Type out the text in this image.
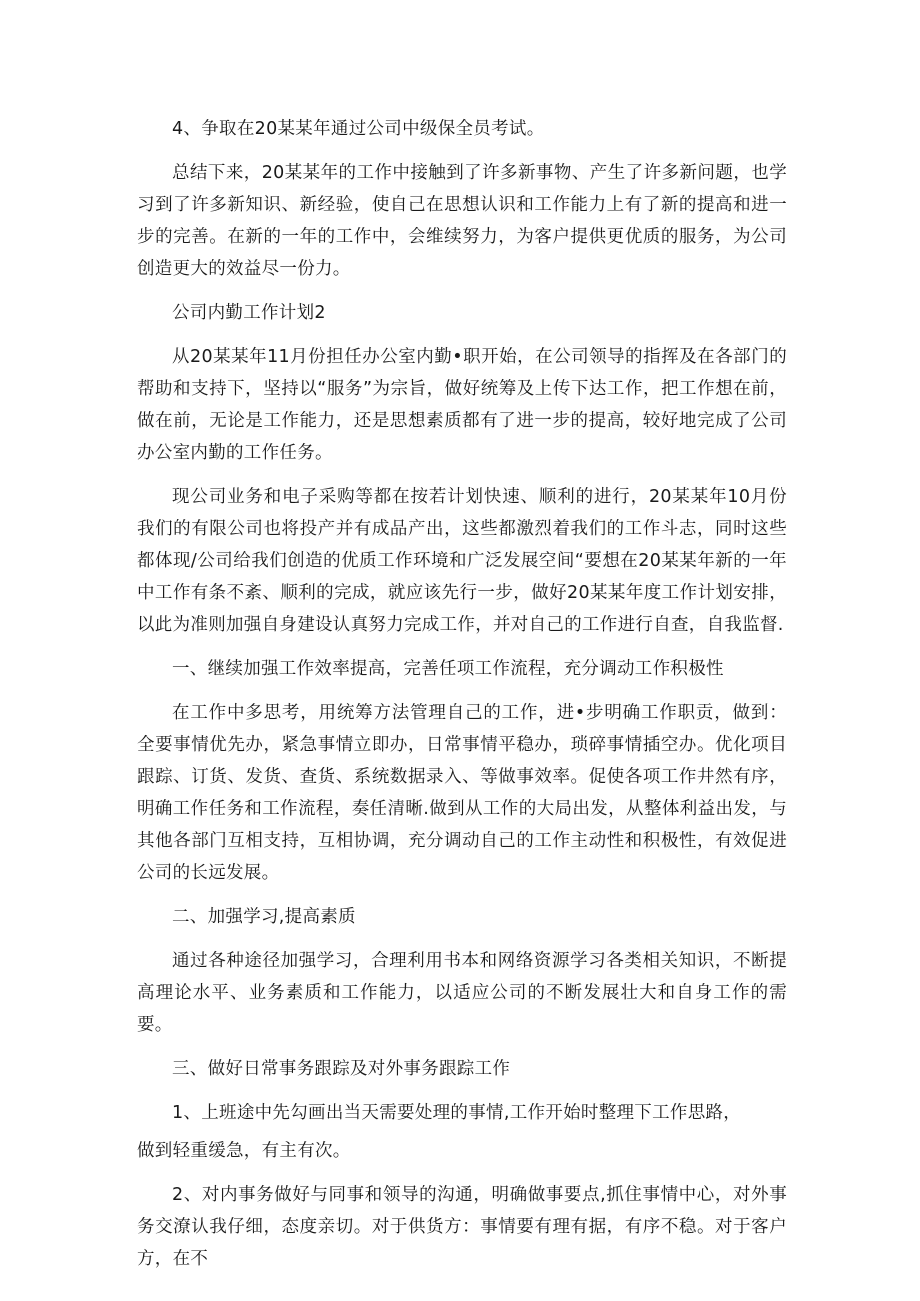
4、争取在20某某年通过公司中级保全员考试。

总结下来，20某某年的工作中接触到了许多新事物、产生了许多新问题，也学习到了许多新知识、新经验，使自己在思想认识和工作能力上有了新的提高和进一步的完善。在新的一年的工作中，会维续努力，为客户提供更优质的服务，为公司创造更大的效益尽一份力。

公司内勤工作计划2

从20某某年11月份担任办公室内勤•职开始，在公司领导的指挥及在各部门的帮助和支持下，坚持以“服务”为宗旨，做好统筹及上传下达工作，把工作想在前，做在前，无论是工作能力，还是思想素质都有了进一步的提高，较好地完成了公司办公室内勤的工作任务。

现公司业务和电子采购等都在按若计划快速、顺利的进行，20某某年10月份我们的有限公司也将投产并有成品产出，这些都激烈着我们的工作斗志，同时这些都体现/公司给我们创造的优质工作环境和广泛发展空间“要想在20某某年新的一年中工作有条不紊、顺利的完成，就应该先行一步，做好20某某年度工作计划安排，以此为准则加强自身建设认真努力完成工作，并对自己的工作进行自查，自我监督.

一、继续加强工作效率提高，完善任项工作流程，充分调动工作积极性

在工作中多思考，用统筹方法管理自己的工作，进•步明确工作职贡，做到：全要事情优先办，紧急事情立即办，日常事情平稳办，琐碎事情插空办。优化项目跟踪、订货、发货、查货、系统数据录入、等做事效率。促使各项工作井然有序，明确工作任务和工作流程，奏任清晰.做到从工作的大局出发，从整体利益出发，与其他各部门互相支持，互相协调，充分调动自己的工作主动性和积极性，有效促进公司的长远发展。

二、加强学习,提高素质

通过各种途径加强学习，合理利用书本和网络资源学习各类相关知识，不断提高理论水平、业务素质和工作能力，以适应公司的不断发展壮大和自身工作的需要。

三、做好日常事务跟踪及对外事务跟踪工作

1、上班途中先勾画出当天需要处理的事情,工作开始时整理下工作思路，

做到轻重缓急，有主有次。

2、对内事务做好与同事和领导的沟通，明确做事要点,抓住事情中心，对外事务交潦认我仔细，态度亲切。对于供货方：事情要有理有据，有序不稳。对于客户方，在不
